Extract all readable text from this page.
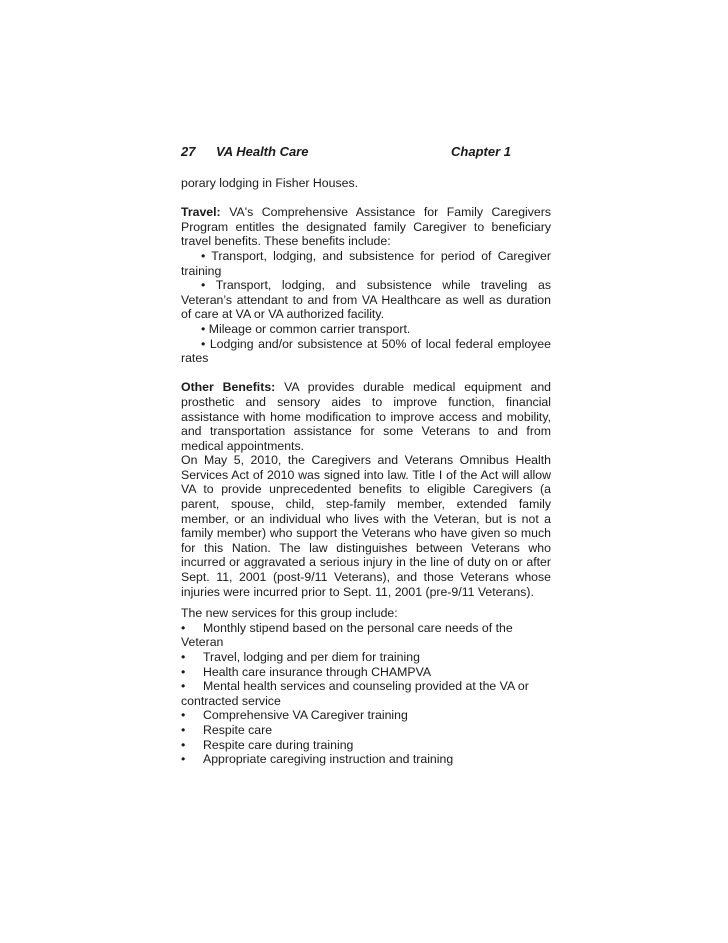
27 VA Health Care	Chapter 1

porary lodging in Fisher Houses.

Travel: VA's Comprehensive Assistance for Family Caregivers Program entitles the designated family Caregiver to beneficiary travel benefits. These benefits include:

• Transport, lodging, and subsistence for period of Caregiver training

• Transport, lodging, and subsistence while traveling as Veteran’s attendant to and from VA Healthcare as well as duration of care at VA or VA authorized facility.

• Mileage or common carrier transport.

• Lodging and/or subsistence at 50% of local federal employee rates

Other Benefits: VA provides durable medical equipment and prosthetic and sensory aides to improve function, financial assistance with home modification to improve access and mobility, and transportation assistance for some Veterans to and from medical appointments.

On May 5, 2010, the Caregivers and Veterans Omnibus Health Services Act of 2010 was signed into law. Title I of the Act will allow VA to provide unprecedented benefits to eligible Caregivers (a parent, spouse, child, step-family member, extended family member, or an individual who lives with the Veteran, but is not a family member) who support the Veterans who have given so much for this Nation. The law distinguishes between Veterans who incurred or aggravated a serious injury in the line of duty on or after Sept. 11, 2001 (post-9/11 Veterans), and those Veterans whose injuries were incurred prior to Sept. 11, 2001 (pre-9/11 Veterans).

The new services for this group include:

• Monthly stipend based on the personal care needs of the Veteran

• Travel, lodging and per diem for training

• Health care insurance through CHAMPVA

• Mental health services and counseling provided at the VA or contracted service

• Comprehensive VA Caregiver training

• Respite care

• Respite care during training

• Appropriate caregiving instruction and training
